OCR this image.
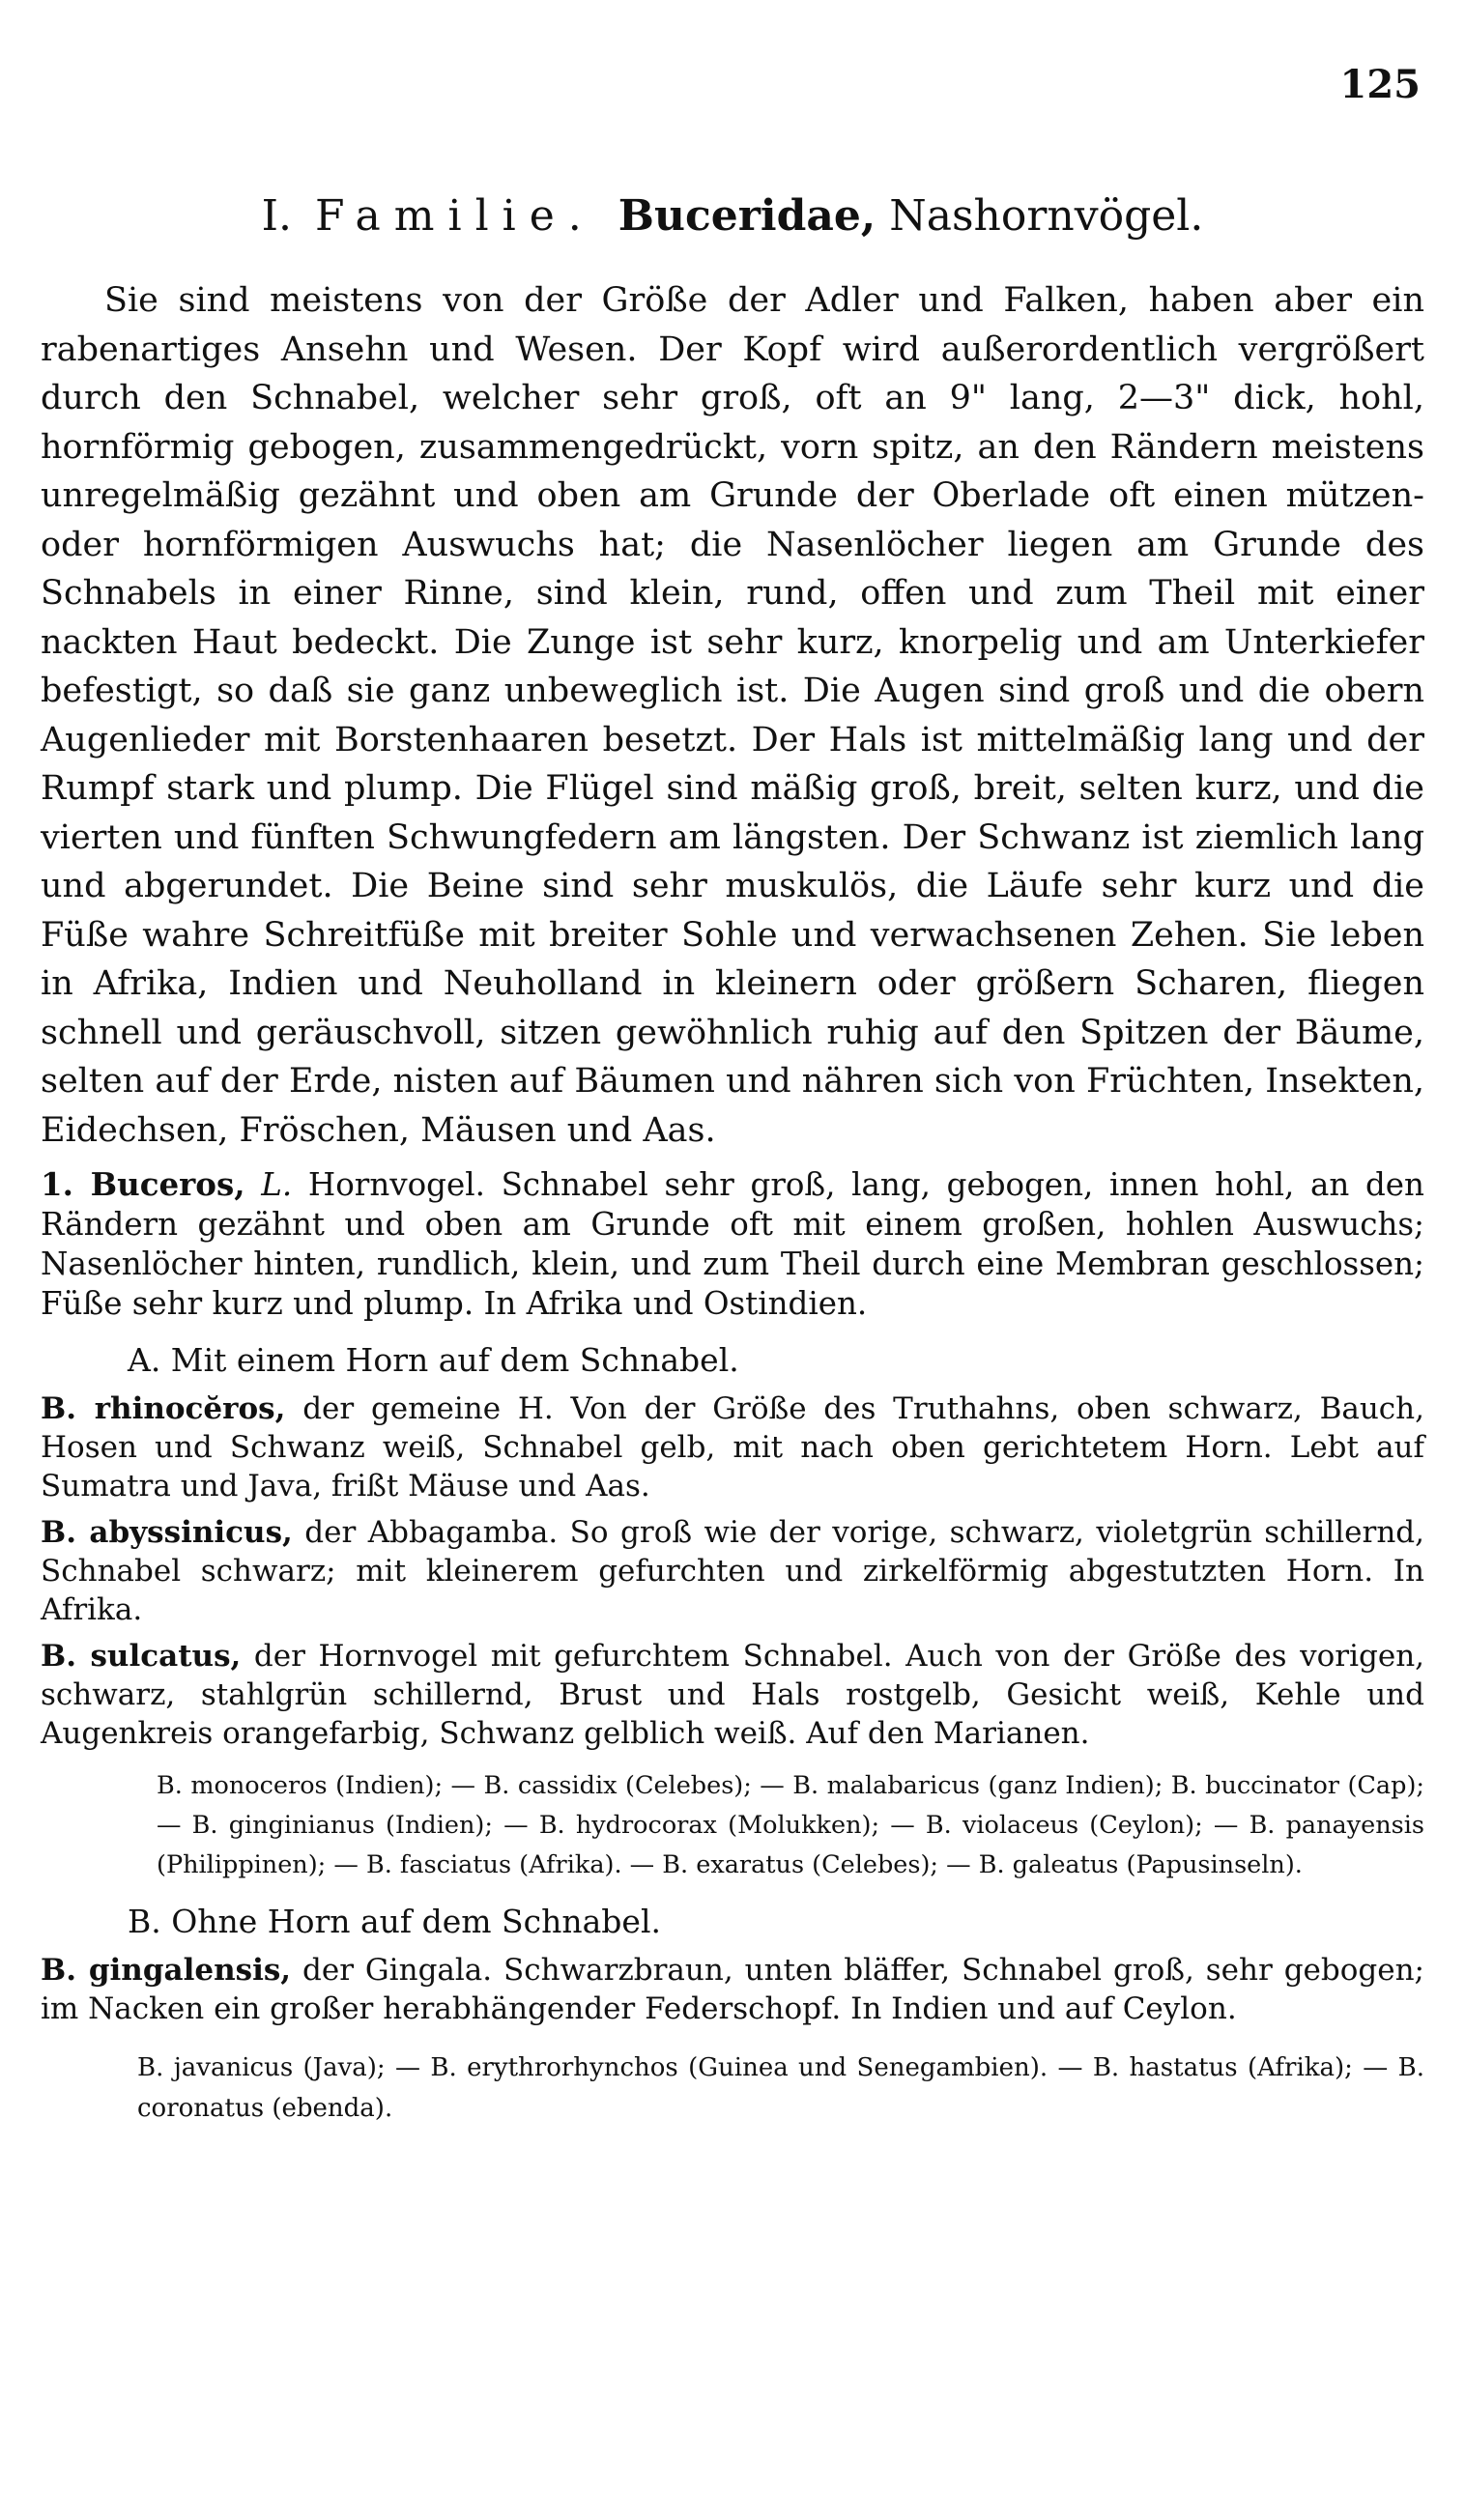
125
I. Familie. Buceridae, Nashornvögel.

Sie sind meistens von der Größe der Adler und Falken, haben aber ein rabenartiges Ansehn und Wesen. Der Kopf wird außerordentlich vergrößert durch den Schnabel, welcher sehr groß, oft an 9" lang, 2—3" dick, hohl, hornförmig gebogen, zusammengedrückt, vorn spitz, an den Rändern meistens unregelmäßig gezähnt und oben am Grunde der Oberlade oft einen mützen- oder hornförmigen Auswuchs hat; die Nasenlöcher liegen am Grunde des Schnabels in einer Rinne, sind klein, rund, offen und zum Theil mit einer nackten Haut bedeckt. Die Zunge ist sehr kurz, knorpelig und am Unterkiefer befestigt, so daß sie ganz unbeweglich ist. Die Augen sind groß und die obern Augenlieder mit Borstenhaaren besetzt. Der Hals ist mittelmäßig lang und der Rumpf stark und plump. Die Flügel sind mäßig groß, breit, selten kurz, und die vierten und fünften Schwungfedern am längsten. Der Schwanz ist ziemlich lang und abgerundet. Die Beine sind sehr muskulös, die Läufe sehr kurz und die Füße wahre Schreitfüße mit breiter Sohle und verwachsenen Zehen. Sie leben in Afrika, Indien und Neuholland in kleinern oder größern Scharen, fliegen schnell und geräuschvoll, sitzen gewöhnlich ruhig auf den Spitzen der Bäume, selten auf der Erde, nisten auf Bäumen und nähren sich von Früchten, Insekten, Eidechsen, Fröschen, Mäusen und Aas.

1. Buceros, L. Hornvogel. Schnabel sehr groß, lang, gebogen, innen hohl, an den Rändern gezähnt und oben am Grunde oft mit einem großen, hohlen Auswuchs; Nasenlöcher hinten, rundlich, klein, und zum Theil durch eine Membran geschlossen; Füße sehr kurz und plump. In Afrika und Ostindien.

A. Mit einem Horn auf dem Schnabel.

B. rhinocĕros, der gemeine H. Von der Größe des Truthahns, oben schwarz, Bauch, Hosen und Schwanz weiß, Schnabel gelb, mit nach oben gerichtetem Horn. Lebt auf Sumatra und Java, frißt Mäuse und Aas.

B. abyssinicus, der Abbagamba. So groß wie der vorige, schwarz, violetgrün schillernd, Schnabel schwarz; mit kleinerem gefurchten und zirkelförmig abgestutzten Horn. In Afrika.

B. sulcatus, der Hornvogel mit gefurchtem Schnabel. Auch von der Größe des vorigen, schwarz, stahlgrün schillernd, Brust und Hals rostgelb, Gesicht weiß, Kehle und Augenkreis orangefarbig, Schwanz gelblich weiß. Auf den Marianen.

B. monoceros (Indien); — B. cassidix (Celebes); — B. malabaricus (ganz Indien); B. buccinator (Cap); — B. ginginianus (Indien); — B. hydrocorax (Molukken); — B. violaceus (Ceylon); — B. panayensis (Philippinen); — B. fasciatus (Afrika). — B. exaratus (Celebes); — B. galeatus (Papusinseln).

B. Ohne Horn auf dem Schnabel.

B. gingalensis, der Gingala. Schwarzbraun, unten bläffer, Schnabel groß, sehr gebogen; im Nacken ein großer herabhängender Federschopf. In Indien und auf Ceylon.

B. javanicus (Java); — B. erythrorhynchos (Guinea und Senegambien). — B. hastatus (Afrika); — B. coronatus (ebenda).
